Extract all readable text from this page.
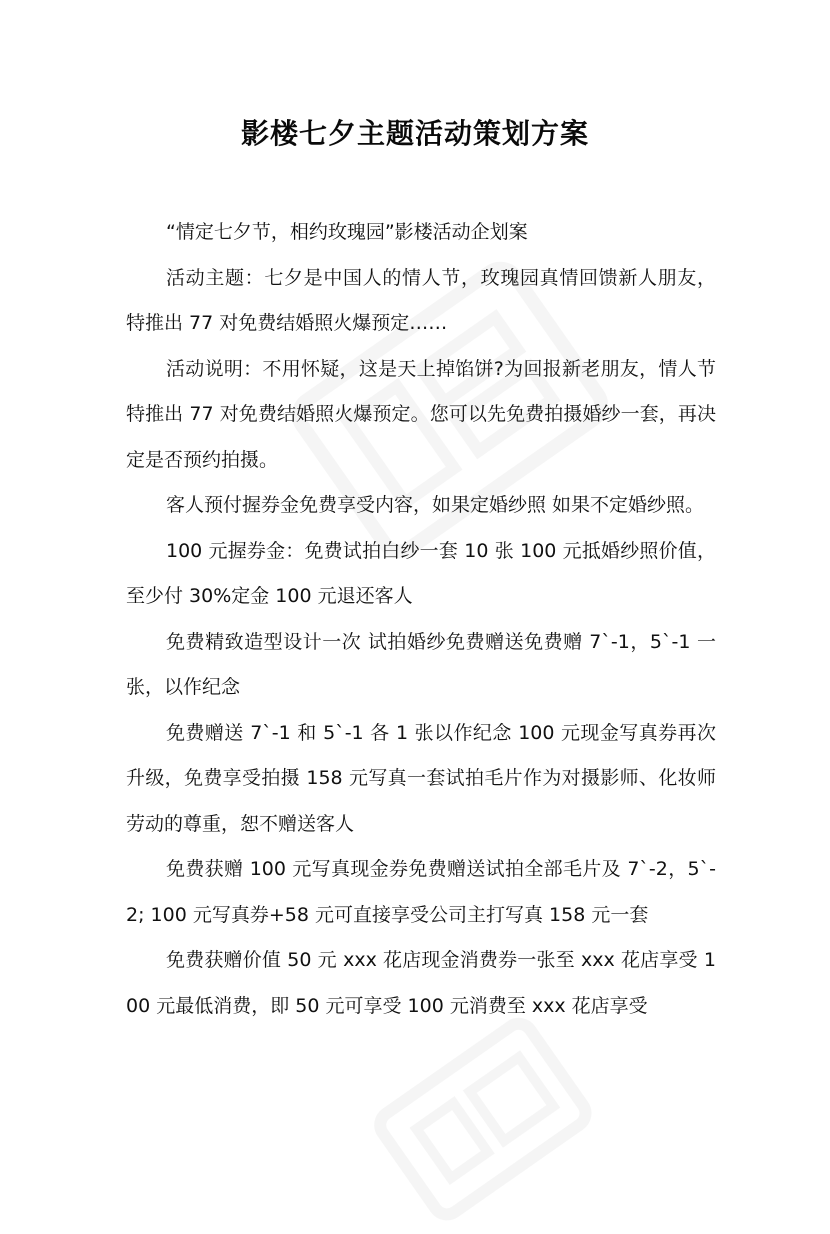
影楼七夕主题活动策划方案

“情定七夕节，相约玫瑰园”影楼活动企划案

活动主题：七夕是中国人的情人节，玫瑰园真情回馈新人朋友，特推出 77 对免费结婚照火爆预定……

活动说明：不用怀疑，这是天上掉馅饼?为回报新老朋友，情人节特推出 77 对免费结婚照火爆预定。您可以先免费拍摄婚纱一套，再决定是否预约拍摄。

客人预付握券金免费享受内容，如果定婚纱照 如果不定婚纱照。

100 元握券金：免费试拍白纱一套 10 张 100 元抵婚纱照价值，至少付 30%定金 100 元退还客人

免费精致造型设计一次 试拍婚纱免费赠送免费赠 7`-1，5`-1 一张，以作纪念

免费赠送 7`-1 和 5`-1 各 1 张以作纪念 100 元现金写真券再次升级，免费享受拍摄 158 元写真一套试拍毛片作为对摄影师、化妆师劳动的尊重，恕不赠送客人

免费获赠 100 元写真现金券免费赠送试拍全部毛片及 7`-2，5`-2; 100 元写真券+58 元可直接享受公司主打写真 158 元一套

免费获赠价值 50 元 xxx 花店现金消费券一张至 xxx 花店享受 100 元最低消费，即 50 元可享受 100 元消费至 xxx 花店享受
